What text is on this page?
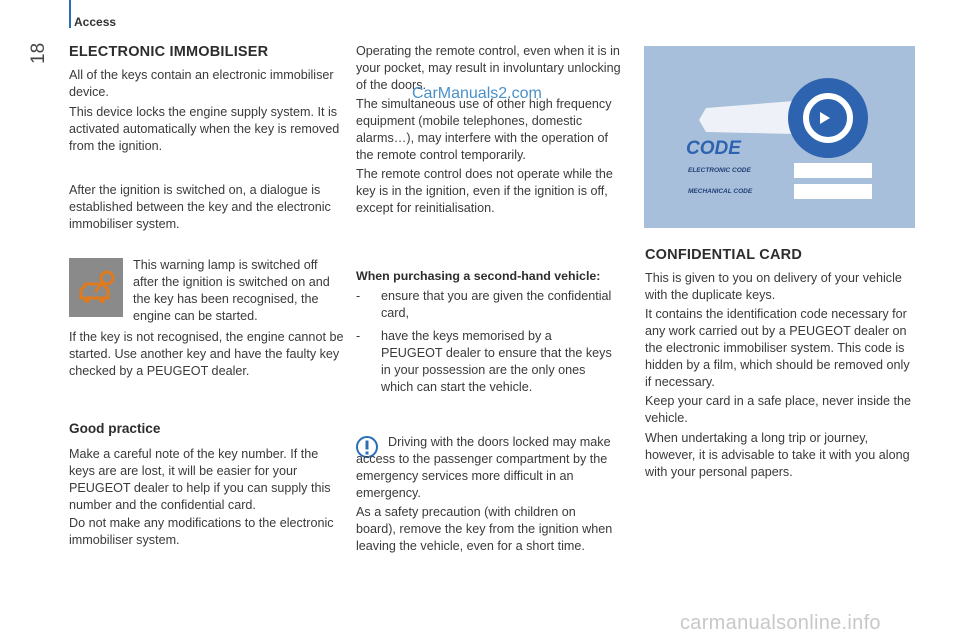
Access
18 ELECTRONIC IMMOBILISER

All of the keys contain an electronic immobiliser device.

This device locks the engine supply system. It is activated automatically when the key is removed from the ignition.

After the ignition is switched on, a dialogue is established between the key and the electronic immobiliser system.

This warning lamp is switched off after the ignition is switched on and the key has been recognised, the engine can be started.

If the key is not recognised, the engine cannot be started. Use another key and have the faulty key checked by a PEUGEOT dealer.

Good practice

Make a careful note of the key number. If the keys are are lost, it will be easier for your PEUGEOT dealer to help if you can supply this number and the confidential card.

Do not make any modifications to the electronic immobiliser system.

Operating the remote control, even when it is in your pocket, may result in involuntary unlocking of the doors.

The simultaneous use of other high frequency equipment (mobile telephones, domestic alarms…), may interfere with the operation of the remote control temporarily.

The remote control does not operate while the key is in the ignition, even if the ignition is off, except for reinitialisation.

When purchasing a second-hand vehicle:
- ensure that you are given the confidential card,
- have the keys memorised by a PEUGEOT dealer to ensure that the keys in your possession are the only ones which can start the vehicle.

Driving with the doors locked may make access to the passenger compartment by the emergency services more difficult in an emergency.

As a safety precaution (with children on board), remove the key from the ignition when leaving the vehicle, even for a short time.

CODE
ELECTRONIC CODE
MECHANICAL CODE
CONFIDENTIAL CARD

This is given to you on delivery of your vehicle with the duplicate keys.

It contains the identification code necessary for any work carried out by a PEUGEOT dealer on the electronic immobiliser system. This code is hidden by a film, which should be removed only if necessary.

Keep your card in a safe place, never inside the vehicle.

When undertaking a long trip or journey, however, it is advisable to take it with you along with your personal papers.

CarManuals2.com
carmanualsonline.info
